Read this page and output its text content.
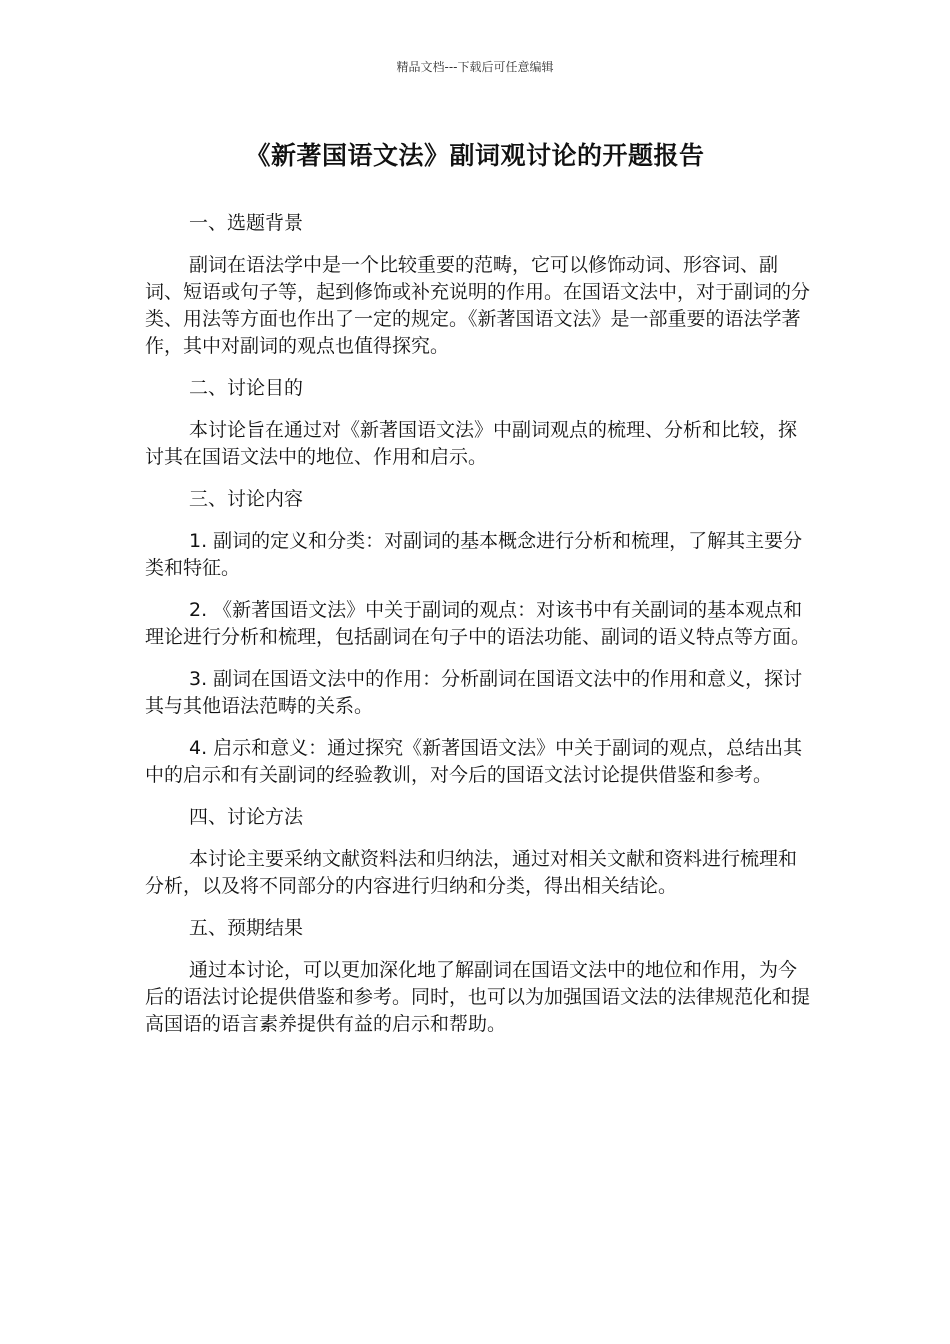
精品文档---下载后可任意编辑
《新著国语文法》副词观讨论的开题报告

一、选题背景

副词在语法学中是一个比较重要的范畴，它可以修饰动词、形容词、副词、短语或句子等，起到修饰或补充说明的作用。在国语文法中，对于副词的分类、用法等方面也作出了一定的规定。《新著国语文法》是一部重要的语法学著作，其中对副词的观点也值得探究。

二、讨论目的

本讨论旨在通过对《新著国语文法》中副词观点的梳理、分析和比较，探讨其在国语文法中的地位、作用和启示。

三、讨论内容

1. 副词的定义和分类：对副词的基本概念进行分析和梳理，了解其主要分类和特征。

2. 《新著国语文法》中关于副词的观点：对该书中有关副词的基本观点和理论进行分析和梳理，包括副词在句子中的语法功能、副词的语义特点等方面。

3. 副词在国语文法中的作用：分析副词在国语文法中的作用和意义，探讨其与其他语法范畴的关系。

4. 启示和意义：通过探究《新著国语文法》中关于副词的观点，总结出其中的启示和有关副词的经验教训，对今后的国语文法讨论提供借鉴和参考。

四、讨论方法

本讨论主要采纳文献资料法和归纳法，通过对相关文献和资料进行梳理和分析，以及将不同部分的内容进行归纳和分类，得出相关结论。

五、预期结果

通过本讨论，可以更加深化地了解副词在国语文法中的地位和作用，为今后的语法讨论提供借鉴和参考。同时，也可以为加强国语文法的法律规范化和提高国语的语言素养提供有益的启示和帮助。
